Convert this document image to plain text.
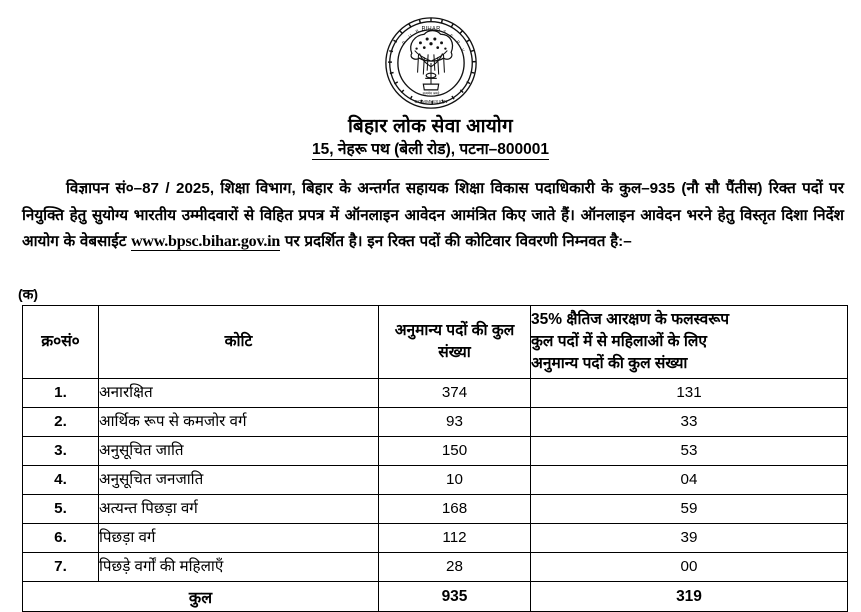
BIHAR
COMMISSION
P
U
B	S
E
R
V
सत्यमेव जयते
बिहार लोक सेवा आयोग
15, नेहरू पथ (बेली रोड), पटना–800001
विज्ञापन सं०–87 / 2025, शिक्षा विभाग, बिहार के अन्तर्गत सहायक शिक्षा विकास पदाधिकारी के कुल–935 (नौ सौ पैंतीस) रिक्त पदों पर नियुक्ति हेतु सुयोग्य भारतीय उम्मीदवारों से विहित प्रपत्र में ऑनलाइन आवेदन आमंत्रित किए जाते हैं। ऑनलाइन आवेदन भरने हेतु विस्तृत दिशा निर्देश आयोग के वेबसाईट www.bpsc.bihar.gov.in पर प्रदर्शित है। इन रिक्त पदों की कोटिवार विवरणी निम्नवत है:–
(क)
क्र०सं०	कोटि	अनुमान्य पदों की कुल संख्या	35% क्षैतिज आरक्षण के फलस्वरूप
कुल पदों में से महिलाओं के लिए
अनुमान्य पदों की कुल संख्या

1.	अनारक्षित	374	131
2.	आर्थिक रूप से कमजोर वर्ग	93	33
3.	अनुसूचित जाति	150	53
4.	अनुसूचित जनजाति	10	04
5.	अत्यन्त पिछड़ा वर्ग	168	59
6.	पिछड़ा वर्ग	112	39
7.	पिछड़े वर्गों की महिलाएँ	28	00
कुल		935	319
